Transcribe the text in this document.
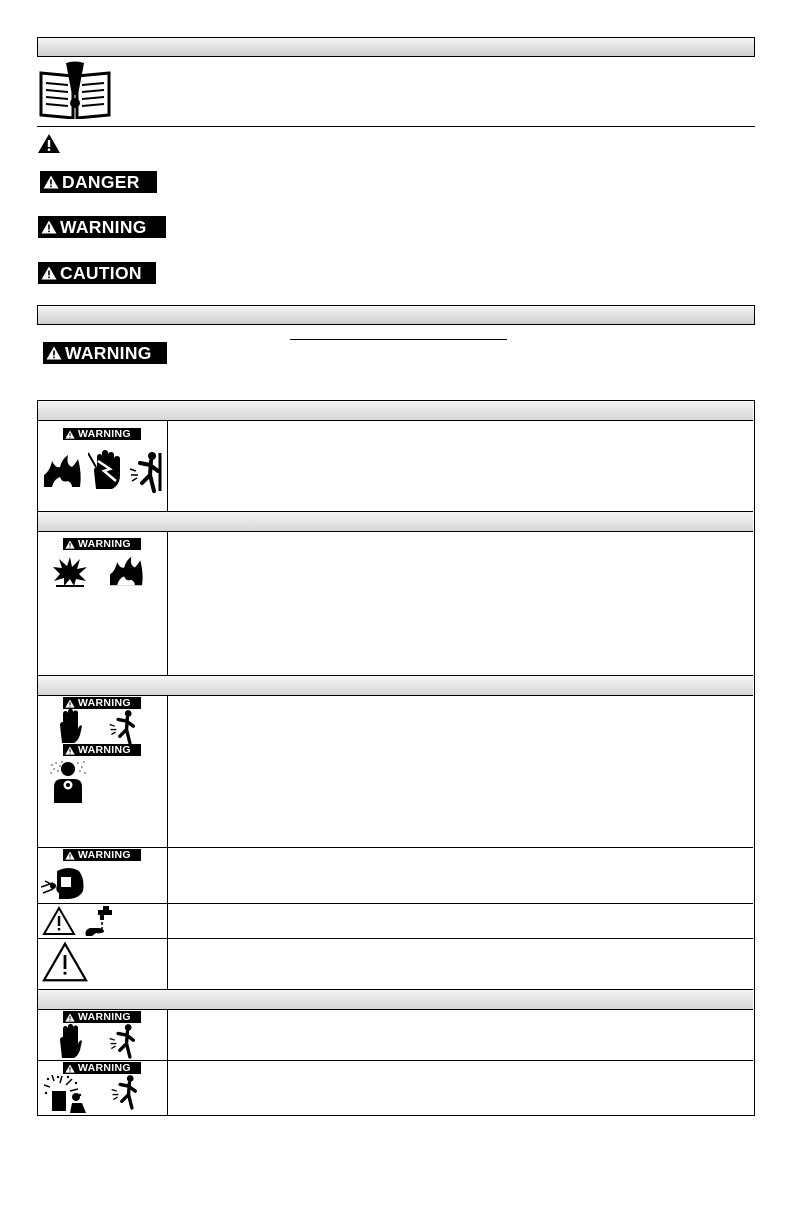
DANGER
WARNING
CAUTION
WARNING
WARNING
WARNING
WARNING
WARNING
WARNING
WARNING
WARNING
